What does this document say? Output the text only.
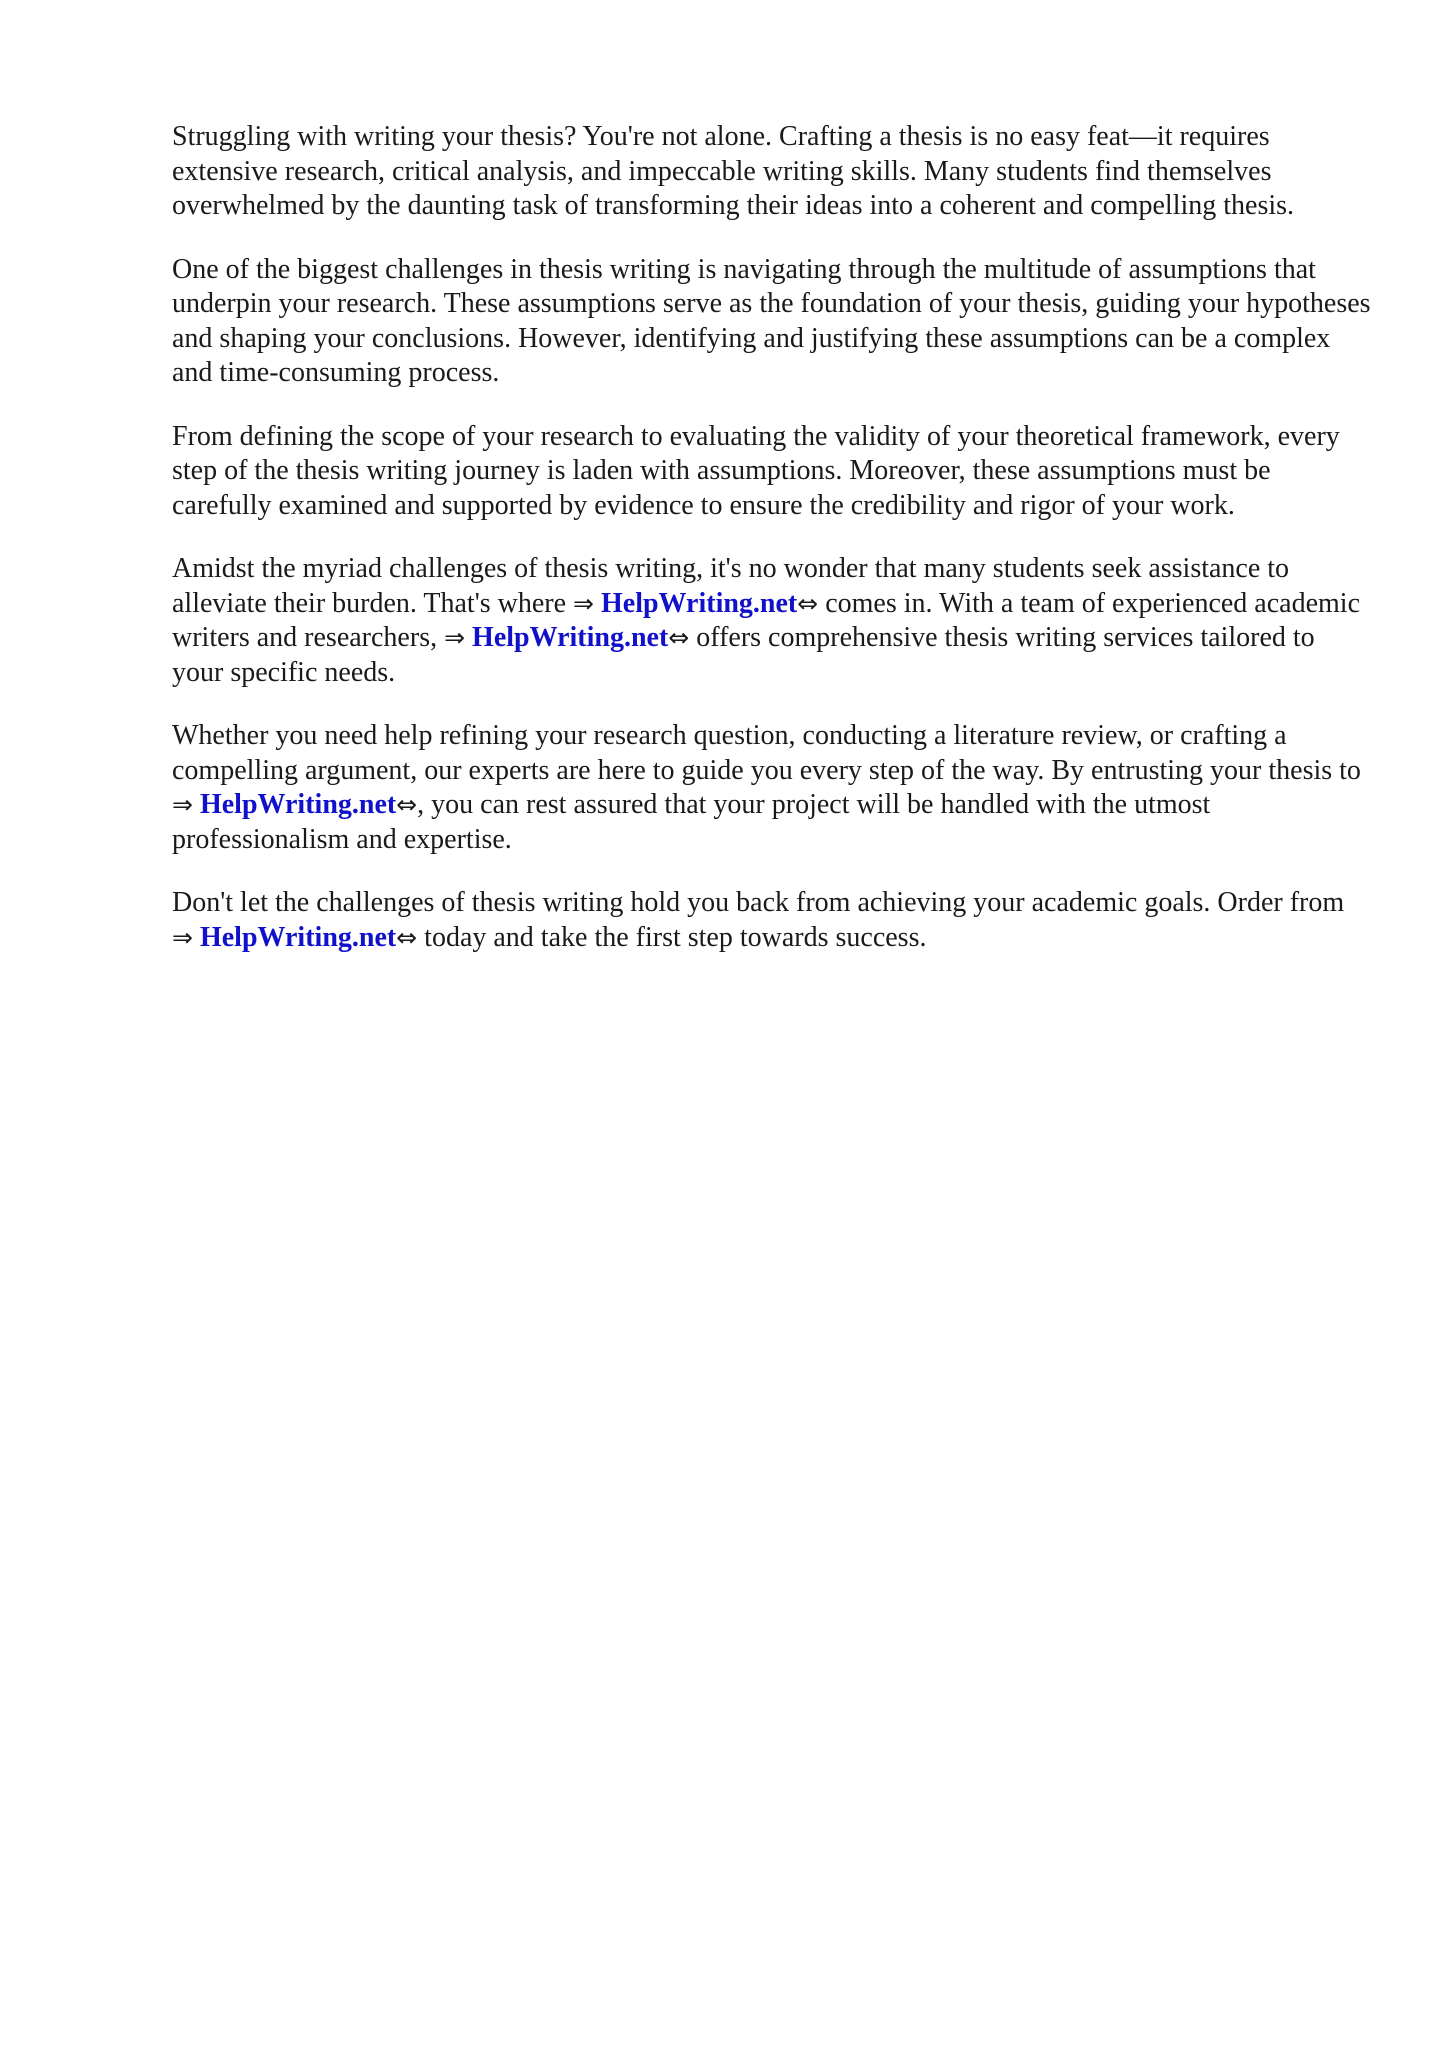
Struggling with writing your thesis? You're not alone. Crafting a thesis is no easy feat—it requires extensive research, critical analysis, and impeccable writing skills. Many students find themselves overwhelmed by the daunting task of transforming their ideas into a coherent and compelling thesis.

One of the biggest challenges in thesis writing is navigating through the multitude of assumptions that underpin your research. These assumptions serve as the foundation of your thesis, guiding your hypotheses and shaping your conclusions. However, identifying and justifying these assumptions can be a complex and time-consuming process.

From defining the scope of your research to evaluating the validity of your theoretical framework, every step of the thesis writing journey is laden with assumptions. Moreover, these assumptions must be carefully examined and supported by evidence to ensure the credibility and rigor of your work.

Amidst the myriad challenges of thesis writing, it's no wonder that many students seek assistance to alleviate their burden. That's where ⇒ HelpWriting.net⇔ comes in. With a team of experienced academic writers and researchers, ⇒ HelpWriting.net⇔ offers comprehensive thesis writing services tailored to your specific needs.

Whether you need help refining your research question, conducting a literature review, or crafting a compelling argument, our experts are here to guide you every step of the way. By entrusting your thesis to ⇒ HelpWriting.net⇔, you can rest assured that your project will be handled with the utmost professionalism and expertise.

Don't let the challenges of thesis writing hold you back from achieving your academic goals. Order from ⇒ HelpWriting.net⇔ today and take the first step towards success.
